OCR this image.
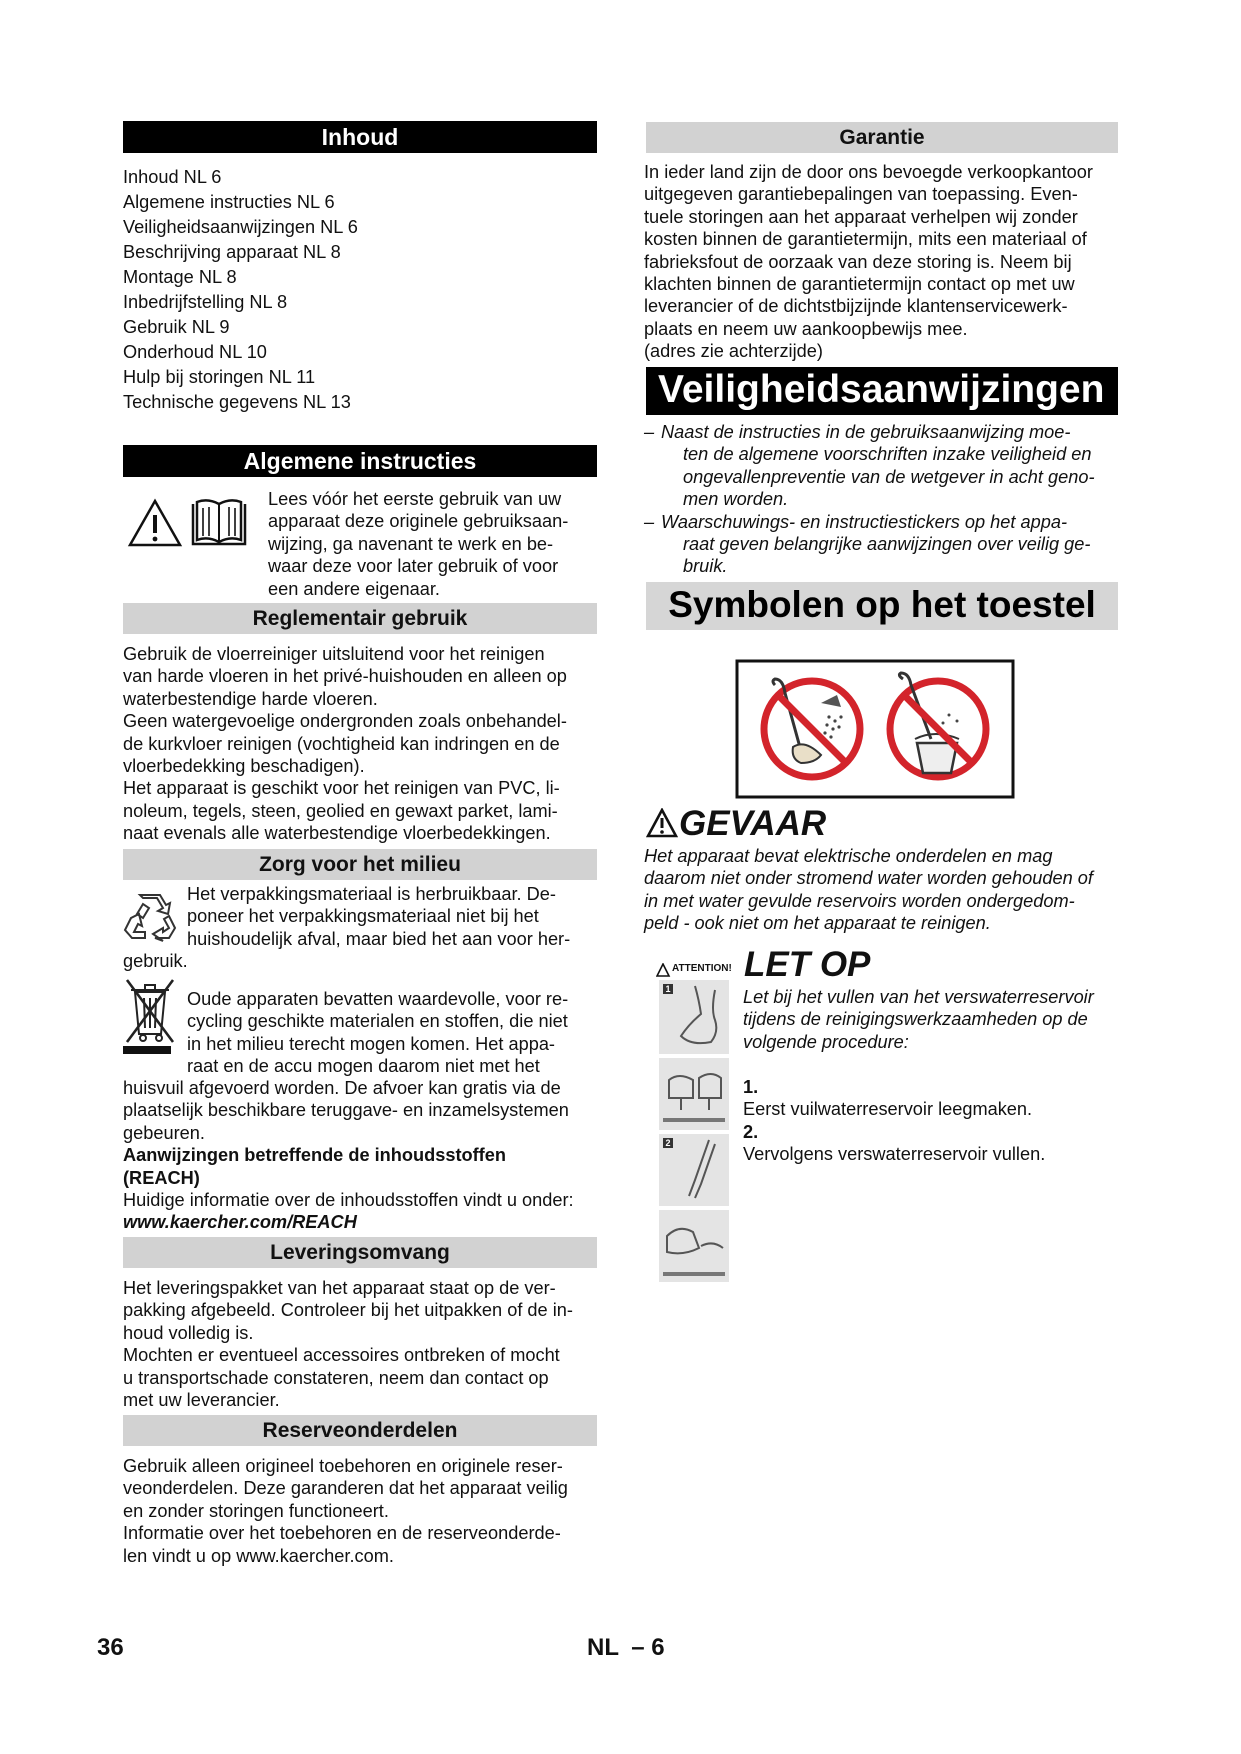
Inhoud
Inhoud NL 6
Algemene instructies NL 6
Veiligheidsaanwijzingen NL 6
Beschrijving apparaat NL 8
Montage NL 8
Inbedrijfstelling NL 8
Gebruik NL 9
Onderhoud NL 10
Hulp bij storingen NL 11
Technische gegevens NL 13
Algemene instructies
Lees vóór het eerste gebruik van uw
apparaat deze originele gebruiksaan-
wijzing, ga navenant te werk en be-
waar deze voor later gebruik of voor
een andere eigenaar.
Reglementair gebruik
Gebruik de vloerreiniger uitsluitend voor het reinigen
van harde vloeren in het privé-huishouden en alleen op
waterbestendige harde vloeren.
Geen watergevoelige ondergronden zoals onbehandel-
de kurkvloer reinigen (vochtigheid kan indringen en de
vloerbedekking beschadigen).
Het apparaat is geschikt voor het reinigen van PVC, li-
noleum, tegels, steen, geolied en gewaxt parket, lami-
naat evenals alle waterbestendige vloerbedekkingen.
Zorg voor het milieu
Het verpakkingsmateriaal is herbruikbaar. De-
poneer het verpakkingsmateriaal niet bij het
huishoudelijk afval, maar bied het aan voor her-
gebruik.
Oude apparaten bevatten waardevolle, voor re-
cycling geschikte materialen en stoffen, die niet
in het milieu terecht mogen komen. Het appa-
raat en de accu mogen daarom niet met het
huisvuil afgevoerd worden. De afvoer kan gratis via de
plaatselijk beschikbare teruggave- en inzamelsystemen
gebeuren.
Aanwijzingen betreffende de inhoudsstoffen
(REACH)
Huidige informatie over de inhoudsstoffen vindt u onder:
www.kaercher.com/REACH
Leveringsomvang
Het leveringspakket van het apparaat staat op de ver-
pakking afgebeeld. Controleer bij het uitpakken of de in-
houd volledig is.
Mochten er eventueel accessoires ontbreken of mocht
u transportschade constateren, neem dan contact op
met uw leverancier.
Reserveonderdelen
Gebruik alleen origineel toebehoren en originele reser-
veonderdelen. Deze garanderen dat het apparaat veilig
en zonder storingen functioneert.
Informatie over het toebehoren en de reserveonderde-
len vindt u op www.kaercher.com.
Garantie
In ieder land zijn de door ons bevoegde verkoopkantoor
uitgegeven garantiebepalingen van toepassing. Even-
tuele storingen aan het apparaat verhelpen wij zonder
kosten binnen de garantietermijn, mits een materiaal of
fabrieksfout de oorzaak van deze storing is. Neem bij
klachten binnen de garantietermijn contact op met uw
leverancier of de dichtstbijzijnde klantenservicewerk-
plaats en neem uw aankoopbewijs mee.
(adres zie achterzijde)
Veiligheidsaanwijzingen
– Naast de instructies in de gebruiksaanwijzing moe-
ten de algemene voorschriften inzake veiligheid en
ongevallenpreventie van de wetgever in acht geno-
men worden.
– Waarschuwings- en instructiestickers op het appa-
raat geven belangrijke aanwijzingen over veilig ge-
bruik.
Symbolen op het toestel
GEVAAR
Het apparaat bevat elektrische onderdelen en mag
daarom niet onder stromend water worden gehouden of
in met water gevulde reservoirs worden ondergedom-
peld - ook niet om het apparaat te reinigen.
ATTENTION!
1
2
LET OP
Let bij het vullen van het verswaterreservoir
tijdens de reinigingswerkzaamheden op de
volgende procedure:
1.
Eerst vuilwaterreservoir leegmaken.
2.
Vervolgens verswaterreservoir vullen.
36	NL – 6
